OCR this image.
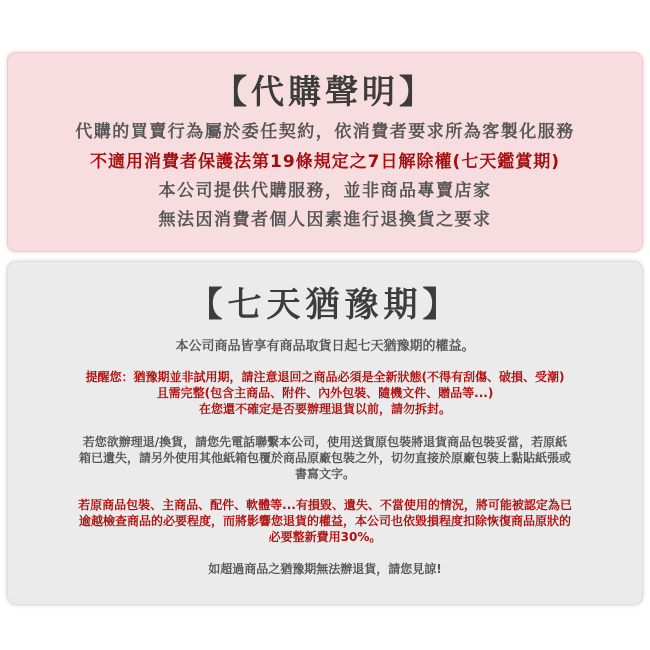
【代購聲明】
代購的買賣行為屬於委任契約，依消費者要求所為客製化服務
不適用消費者保護法第19條規定之7日解除權(七天鑑賞期)
本公司提供代購服務，並非商品專賣店家
無法因消費者個人因素進行退換貨之要求
【七天猶豫期】
本公司商品皆享有商品取貨日起七天猶豫期的權益。

提醒您：猶豫期並非試用期，請注意退回之商品必須是全新狀態(不得有刮傷、破損、受潮)

且需完整(包含主商品、附件、內外包裝、隨機文件、贈品等...)

在您還不確定是否要辦理退貨以前，請勿拆封。

若您欲辦理退/換貨，請您先電話聯繫本公司，使用送貨原包裝將退貨商品包裝妥當，若原紙

箱已遺失，請另外使用其他紙箱包覆於商品原廠包裝之外，切勿直接於原廠包裝上黏貼紙張或

書寫文字。

若原商品包裝、主商品、配件、軟體等...有損毀、遺失、不當使用的情況，將可能被認定為已

逾越檢查商品的必要程度，而將影響您退貨的權益，本公司也依毀損程度扣除恢復商品原狀的

必要整新費用30%。

如超過商品之猶豫期無法辦退貨，請您見諒!
